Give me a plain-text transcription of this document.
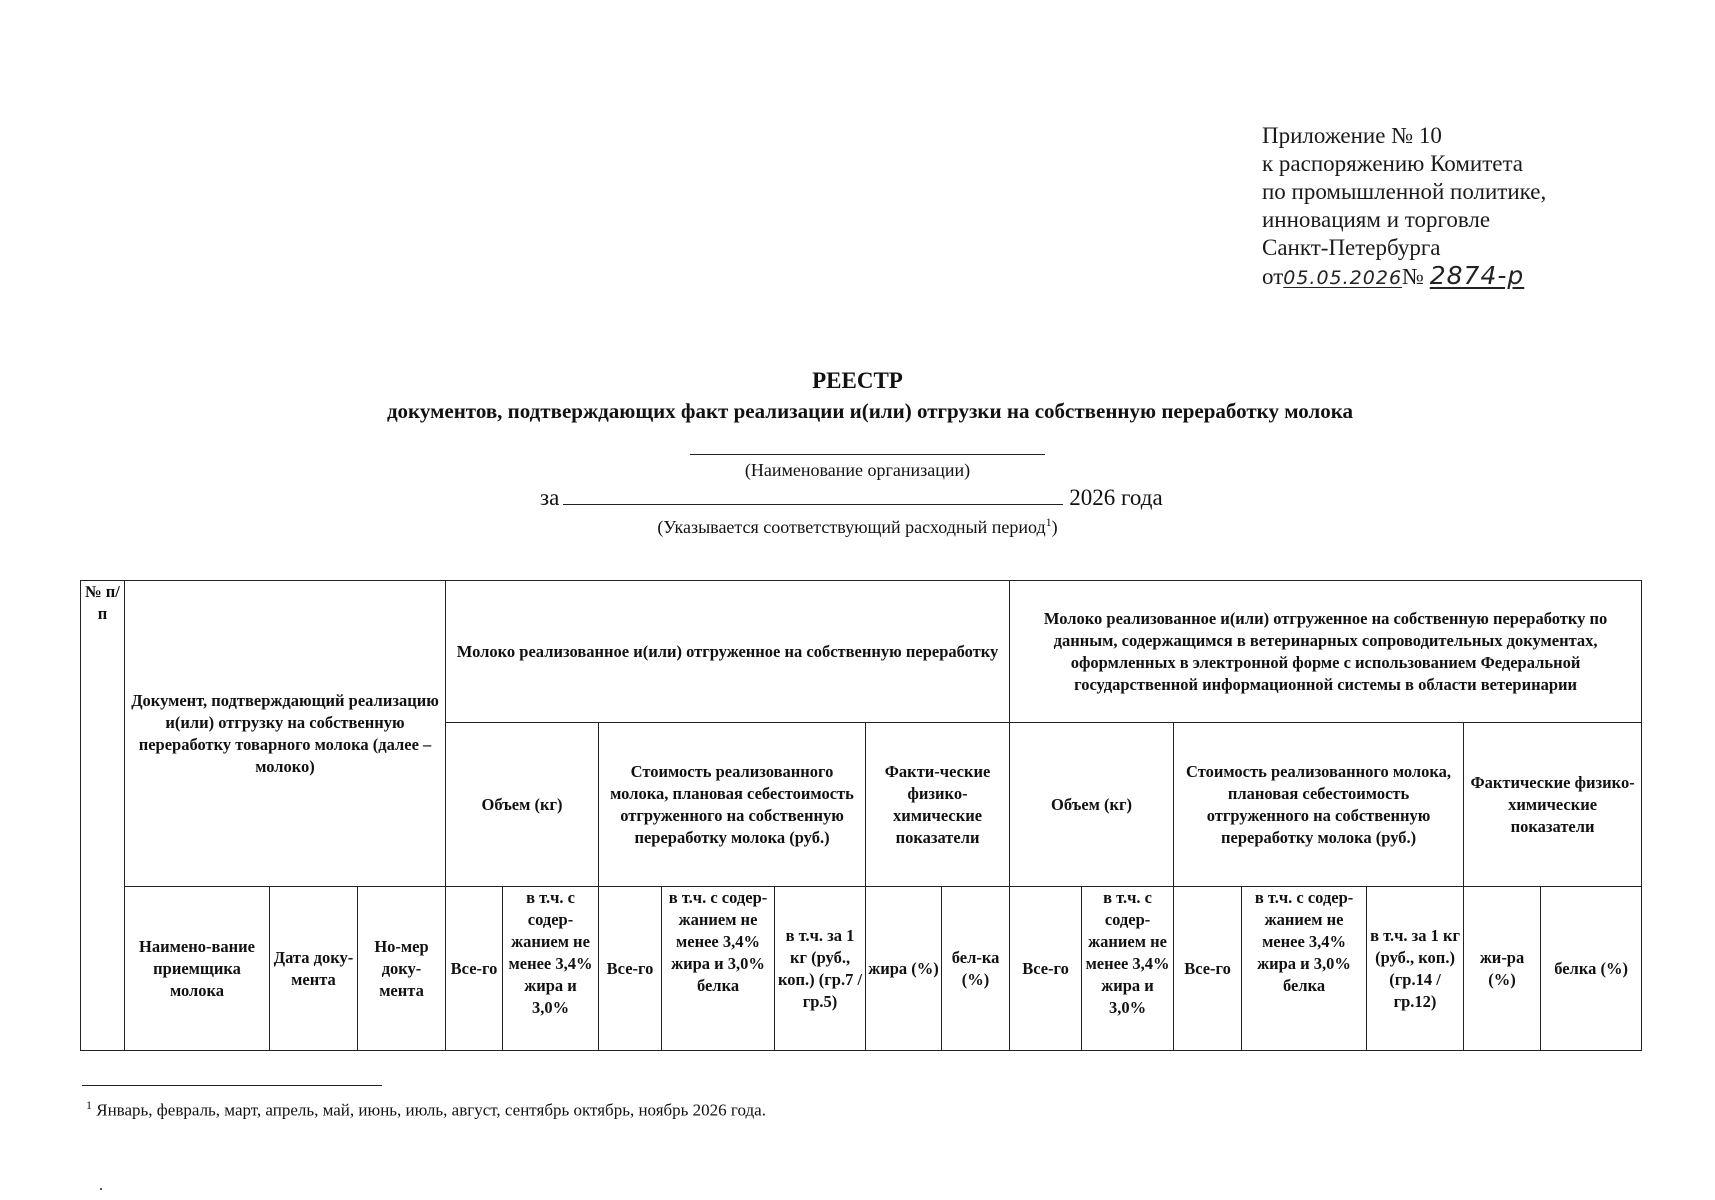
Приложение № 10
к распоряжению Комитета
по промышленной политике,
инновациям и торговле
Санкт-Петербурга
от05.05.2026№ 2874-р
РЕЕСТР
документов, подтверждающих факт реализации и(или) отгрузки на собственную переработку молока
(Наименование организации)
за	2026 года
(Указывается соответствующий расходный период$^1$)
№ п/п	Документ, подтверждающий реализацию и(или) отгрузку на собственную переработку товарного молока (далее – молоко)			Молоко реализованное и(или) отгруженное на собственную переработку							Молоко реализованное и(или) отгруженное на собственную переработку по данным, содержащимся в ветеринарных сопроводительных документах, оформленных в электронной форме с использованием Федеральной государственной информационной системы в области ветеринарии						
				Объем (кг)		Стоимость реализованного молока, плановая себестоимость отгруженного на собственную переработку молока (руб.)			Факти-ческие физико-химические показатели		Объем (кг)		Стоимость реализованного молока, плановая себестоимость отгруженного на собственную переработку молока (руб.)			Фактические физико-химические показатели	
	Наимено-вание приемщика молока	Дата доку-мента	Но-мер доку-мента	Все-го	в т.ч. с содер-жанием не менее 3,4% жира и 3,0%	Все-го	в т.ч. с содер-жанием не менее 3,4% жира и 3,0% белка	в т.ч. за 1 кг (руб., коп.) (гр.7 / гр.5)	жира (%)	бел-ка (%)	Все-го	в т.ч. с содер-жанием не менее 3,4% жира и 3,0%	Все-го	в т.ч. с содер-жанием не менее 3,4% жира и 3,0% белка	в т.ч. за 1 кг (руб., коп.) (гр.14 / гр.12)	жи-ра (%)	белка (%)
$^1$ Январь, февраль, март, апрель, май, июнь, июль, август, сентябрь октябрь, ноябрь 2026 года.
